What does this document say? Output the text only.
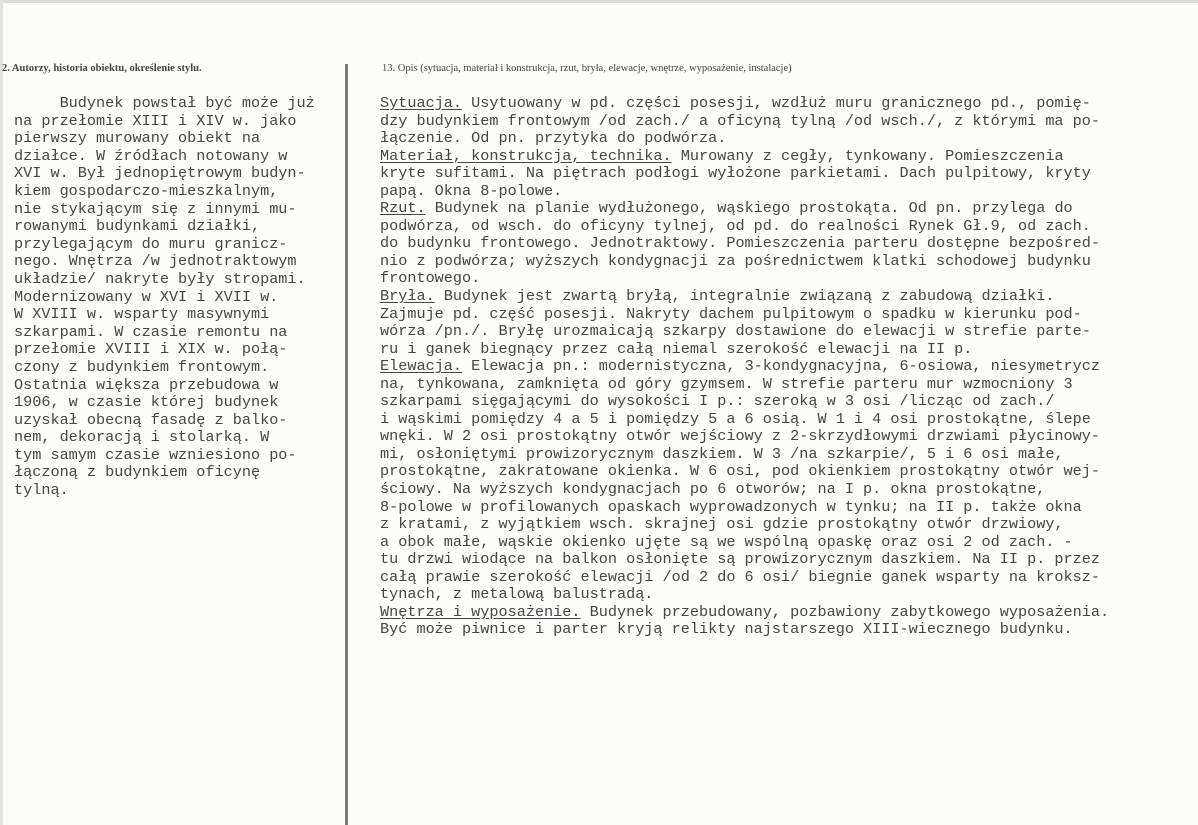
2. Autorzy, historia obiektu, określenie stylu.	13. Opis (sytuacja, materiał i konstrukcja, rzut, bryła, elewacje, wnętrze, wyposażenie, instalacje)
Budynek powstał być może już
na przełomie XIII i XIV w. jako
pierwszy murowany obiekt na
działce. W źródłach notowany w
XVI w. Był jednopiętrowym budyn-
kiem gospodarczo-mieszkalnym,
nie stykającym się z innymi mu-
rowanymi budynkami działki,
przylegającym do muru granicz-
nego. Wnętrza /w jednotraktowym
układzie/ nakryte były stropami.
Modernizowany w XVI i XVII w.
W XVIII w. wsparty masywnymi
szkarpami. W czasie remontu na
przełomie XVIII i XIX w. połą-
czony z budynkiem frontowym.
Ostatnia większa przebudowa w
1906, w czasie której budynek
uzyskał obecną fasadę z balko-
nem, dekoracją i stolarką. W
tym samym czasie wzniesiono po-
łączoną z budynkiem oficynę
tylną.
Sytuacja. Usytuowany w pd. części posesji, wzdłuż muru granicznego pd., pomię-
dzy budynkiem frontowym /od zach./ a oficyną tylną /od wsch./, z którymi ma po-
łączenie. Od pn. przytyka do podwórza.
Materiał, konstrukcja, technika. Murowany z cegły, tynkowany. Pomieszczenia
kryte sufitami. Na piętrach podłogi wyłożone parkietami. Dach pulpitowy, kryty
papą. Okna 8-polowe.
Rzut. Budynek na planie wydłużonego, wąskiego prostokąta. Od pn. przylega do
podwórza, od wsch. do oficyny tylnej, od pd. do realności Rynek Gł.9, od zach.
do budynku frontowego. Jednotraktowy. Pomieszczenia parteru dostępne bezpośred-
nio z podwórza; wyższych kondygnacji za pośrednictwem klatki schodowej budynku
frontowego.
Bryła. Budynek jest zwartą bryłą, integralnie związaną z zabudową działki.
Zajmuje pd. część posesji. Nakryty dachem pulpitowym o spadku w kierunku pod-
wórza /pn./. Bryłę urozmaicają szkarpy dostawione do elewacji w strefie parte-
ru i ganek biegnący przez całą niemal szerokość elewacji na II p.
Elewacja. Elewacja pn.: modernistyczna, 3-kondygnacyjna, 6-osiowa, niesymetrycz
na, tynkowana, zamknięta od góry gzymsem. W strefie parteru mur wzmocniony 3
szkarpami sięgającymi do wysokości I p.: szeroką w 3 osi /licząc od zach./
i wąskimi pomiędzy 4 a 5 i pomiędzy 5 a 6 osią. W 1 i 4 osi prostokątne, ślepe
wnęki. W 2 osi prostokątny otwór wejściowy z 2-skrzydłowymi drzwiami płycinowy-
mi, osłoniętymi prowizorycznym daszkiem. W 3 /na szkarpie/, 5 i 6 osi małe,
prostokątne, zakratowane okienka. W 6 osi, pod okienkiem prostokątny otwór wej-
ściowy. Na wyższych kondygnacjach po 6 otworów; na I p. okna prostokątne,
8-polowe w profilowanych opaskach wyprowadzonych w tynku; na II p. także okna
z kratami, z wyjątkiem wsch. skrajnej osi gdzie prostokątny otwór drzwiowy,
a obok małe, wąskie okienko ujęte są we wspólną opaskę oraz osi 2 od zach. -
tu drzwi wiodące na balkon osłonięte są prowizorycznym daszkiem. Na II p. przez
całą prawie szerokość elewacji /od 2 do 6 osi/ biegnie ganek wsparty na kroksz-
tynach, z metalową balustradą.
Wnętrza i wyposażenie. Budynek przebudowany, pozbawiony zabytkowego wyposażenia.
Być może piwnice i parter kryją relikty najstarszego XIII-wiecznego budynku.
